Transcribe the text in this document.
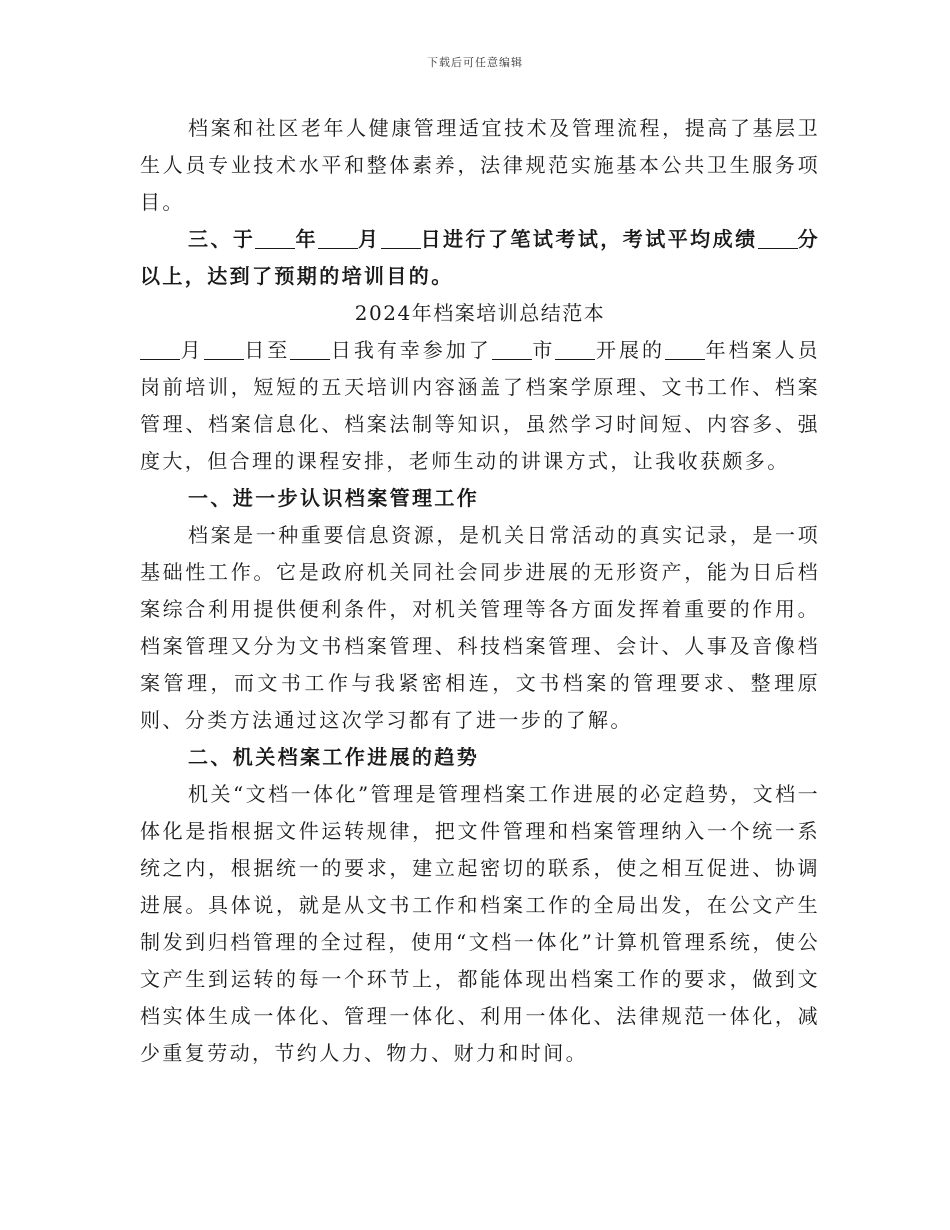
下载后可任意编辑

档案和社区老年人健康管理适宜技术及管理流程，提高了基层卫生人员专业技术水平和整体素养，法律规范实施基本公共卫生服务项目。

三、于 年 月 日进行了笔试考试，考试平均成绩 分以上，达到了预期的培训目的。

2024年档案培训总结范本

月 日至 日我有幸参加了 市 开展的 年档案人员岗前培训，短短的五天培训内容涵盖了档案学原理、文书工作、档案管理、档案信息化、档案法制等知识，虽然学习时间短、内容多、强度大，但合理的课程安排，老师生动的讲课方式，让我收获颇多。

一、进一步认识档案管理工作

档案是一种重要信息资源，是机关日常活动的真实记录，是一项基础性工作。它是政府机关同社会同步进展的无形资产，能为日后档案综合利用提供便利条件，对机关管理等各方面发挥着重要的作用。档案管理又分为文书档案管理、科技档案管理、会计、人事及音像档案管理，而文书工作与我紧密相连，文书档案的管理要求、整理原则、分类方法通过这次学习都有了进一步的了解。

二、机关档案工作进展的趋势

机关“文档一体化”管理是管理档案工作进展的必定趋势，文档一体化是指根据文件运转规律，把文件管理和档案管理纳入一个统一系统之内，根据统一的要求，建立起密切的联系，使之相互促进、协调进展。具体说，就是从文书工作和档案工作的全局出发，在公文产生制发到归档管理的全过程，使用“文档一体化”计算机管理系统，使公文产生到运转的每一个环节上，都能体现出档案工作的要求，做到文档实体生成一体化、管理一体化、利用一体化、法律规范一体化，减少重复劳动，节约人力、物力、财力和时间。
